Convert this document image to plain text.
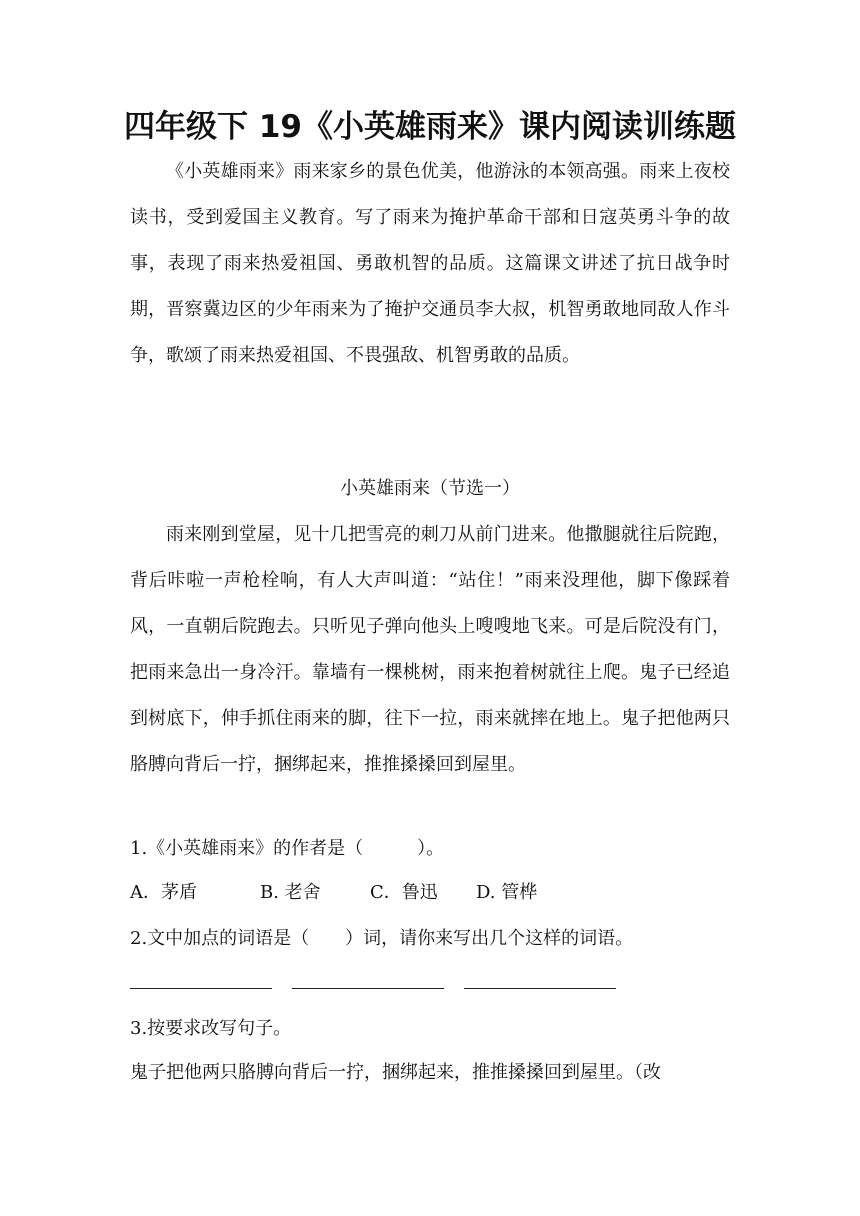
四年级下 19《小英雄雨来》课内阅读训练题

《小英雄雨来》雨来家乡的景色优美，他游泳的本领高强。雨来上夜校读书，受到爱国主义教育。写了雨来为掩护革命干部和日寇英勇斗争的故事，表现了雨来热爱祖国、勇敢机智的品质。这篇课文讲述了抗日战争时期，晋察冀边区的少年雨来为了掩护交通员李大叔，机智勇敢地同敌人作斗争，歌颂了雨来热爱祖国、不畏强敌、机智勇敢的品质。

小英雄雨来（节选一）

雨来刚到堂屋，见十几把雪亮的刺刀从前门进来。他撒腿就往后院跑，背后咔啦一声枪栓响，有人大声叫道：“站住！”雨来没理他，脚下像踩着风，一直朝后院跑去。只听见子弹向他头上嗖嗖地飞来。可是后院没有门，把雨来急出一身冷汗。靠墙有一棵桃树，雨来抱着树就往上爬。鬼子已经追到树底下，伸手抓住雨来的脚，往下一拉，雨来就摔在地上。鬼子把他两只胳膊向背后一拧，捆绑起来，推推搡搡回到屋里。

1.《小英雄雨来》的作者是（　　　）。

A．茅盾	B. 老舍	C．鲁迅 D. 管桦

2.文中加点的词语是（　　）词，请你来写出几个这样的词语。

3.按要求改写句子。

鬼子把他两只胳膊向背后一拧，捆绑起来，推推搡搡回到屋里。（改
